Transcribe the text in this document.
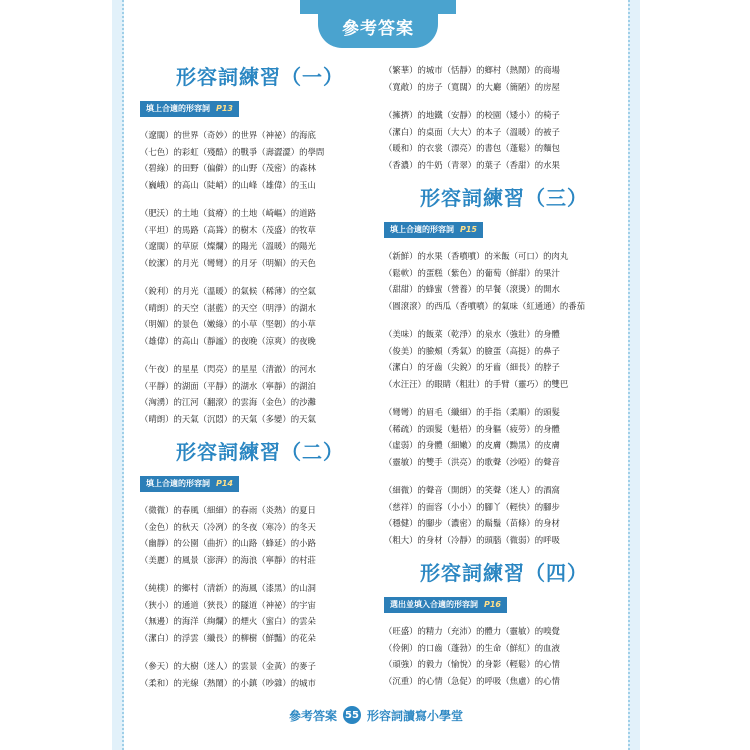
參考答案
形容詞練習（一）
填上合適的形容詞 P13
（遼闊）的世界（奇妙）的世界（神祕）的海底
（七色）的彩虹（殘酷）的戰爭（壽澀澀）的學問
（碧綠）的田野（偏僻）的山野（茂密）的森林
（巍峨）的高山（陡峭）的山峰（雄偉）的玉山
（肥沃）的土地（貧瘠）的土地（崎嶇）的道路
（平坦）的馬路（高聳）的樹木（茂盛）的牧草
（遼闊）的草原（燦爛）的陽光（溫暖）的陽光
（皎潔）的月光（彎彎）的月牙（明媚）的天色
（銳利）的月光（溫暖）的氣候（稀薄）的空氣
（晴朗）的天空（湛藍）的天空（明淨）的湖水
（明媚）的景色（嫩綠）的小草（堅韌）的小草
（雄偉）的高山（靜謐）的夜晚（涼爽）的夜晚
（午夜）的星星（閃亮）的星星（清澈）的河水
（平靜）的湖面（平靜）的湖水（寧靜）的湖泊
（洶湧）的江河（翻滾）的雲海（金色）的沙灘
（晴朗）的天氣（沉悶）的天氣（多變）的天氣
形容詞練習（二）
填上合適的形容詞 P14
（微微）的春風（細細）的春雨（炎熱）的夏日
（金色）的秋天（冷冽）的冬夜（寒冷）的冬天
（幽靜）的公園（曲折）的山路（蜂延）的小路
（美麗）的風景（澎湃）的海浪（寧靜）的村莊
（純樸）的鄉村（清新）的海風（漆黑）的山洞
（狹小）的通道（狹長）的隧道（神祕）的宇宙
（無邊）的海洋（絢爛）的煙火（蜜白）的雲朵
（潔白）的浮雲（纖長）的柳樹（鮮豔）的花朵
（參天）的大樹（迷人）的雲景（金黃）的麥子
（柔和）的光線（熱鬧）的小鎮（吵雜）的城市
（繁華）的城市（恬靜）的鄉村（熱鬧）的商場
（寬敞）的房子（寬闊）的大廳（簡陋）的房屋
（擁擠）的地鐵（安靜）的校園（矮小）的椅子
（潔白）的桌面（大大）的本子（溫暖）的被子
（暖和）的衣裳（漂亮）的書包（蓬鬆）的麵包
（香濃）的牛奶（青翠）的葉子（香甜）的水果
形容詞練習（三）
填上合適的形容詞 P15
（新鮮）的水果（香噴噴）的米飯（可口）的肉丸
（鬆軟）的蛋糕（紫色）的葡萄（鮮甜）的果汁
（甜甜）的蜂蜜（營養）的早餐（滾燙）的開水
（圓滾滾）的西瓜（香噴噴）的氣味（紅通通）的番茄
（美味）的飯菜（乾淨）的泉水（強壯）的身體
（俊美）的臉頰（秀氣）的臉蛋（高挺）的鼻子
（潔白）的牙齒（尖銳）的牙齒（細長）的脖子
（水汪汪）的眼睛（粗壯）的手臂（靈巧）的雙巴
（彎彎）的眉毛（纖細）的手指（柔順）的頭髮
（稀疏）的頭髮（魁梧）的身軀（疲勞）的身體
（虛弱）的身體（細嫩）的皮膚（黝黑）的皮膚
（靈敏）的雙手（洪亮）的歌聲（沙啞）的聲音
（細微）的聲音（開朗）的笑聲（迷人）的酒窩
（慈祥）的面容（小小）的腳丫（輕快）的腳步
（穩健）的腳步（濃密）的鬍鬚（苗條）的身材
（粗大）的身材（冷靜）的頭腦（微弱）的呼吸
形容詞練習（四）
選出並填入合適的形容詞 P16
（旺盛）的精力（充沛）的體力（靈敏）的嗅覺
（伶俐）的口齒（蓬勃）的生命（鮮紅）的血液
（頑強）的毅力（愉悅）的身影（輕鬆）的心情
（沉重）的心情（急促）的呼吸（焦慮）的心情
參考答案 55 形容詞讀寫小學堂
